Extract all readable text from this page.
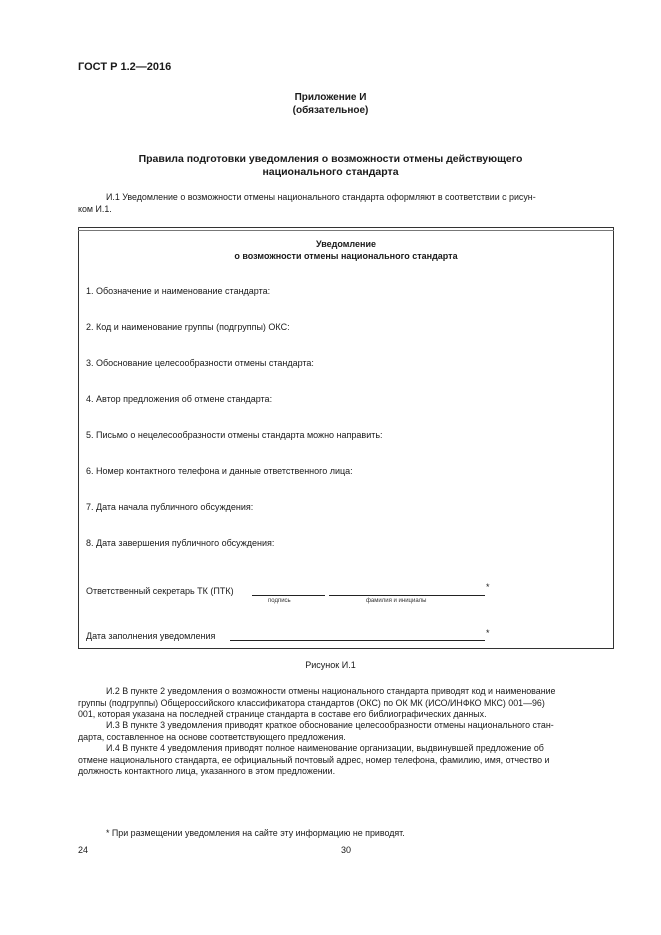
ГОСТ Р 1.2—2016
Приложение И
(обязательное)
Правила подготовки уведомления о возможности отмены действующего
национального стандарта
И.1 Уведомление о возможности отмены национального стандарта оформляют в соответствии с рисун-
ком И.1.
Уведомление
о возможности отмены национального стандарта
1. Обозначение и наименование стандарта:
2. Код и наименование группы (подгруппы) ОКС:
3. Обоснование целесообразности отмены стандарта:
4. Автор предложения об отмене стандарта:
5. Письмо о нецелесообразности отмены стандарта можно направить:
6. Номер контактного телефона и данные ответственного лица:
7. Дата начала публичного обсуждения:
8. Дата завершения публичного обсуждения:
Ответственный секретарь ТК (ПТК)	*
подпись	фамилия и инициалы
Дата заполнения уведомления	*
Рисунок И.1
И.2 В пункте 2 уведомления о возможности отмены национального стандарта приводят код и наименование
группы (подгруппы) Общероссийского классификатора стандартов (ОКС) по ОК МК (ИСО/ИНФКО МКС) 001—96)
001, которая указана на последней странице стандарта в составе его библиографических данных.
И.3 В пункте 3 уведомления приводят краткое обоснование целесообразности отмены национального стан-
дарта, составленное на основе соответствующего предложения.
И.4 В пункте 4 уведомления приводят полное наименование организации, выдвинувшей предложение об
отмене национального стандарта, ее официальный почтовый адрес, номер телефона, фамилию, имя, отчество и
должность контактного лица, указанного в этом предложении.
* При размещении уведомления на сайте эту информацию не приводят.
24	30
